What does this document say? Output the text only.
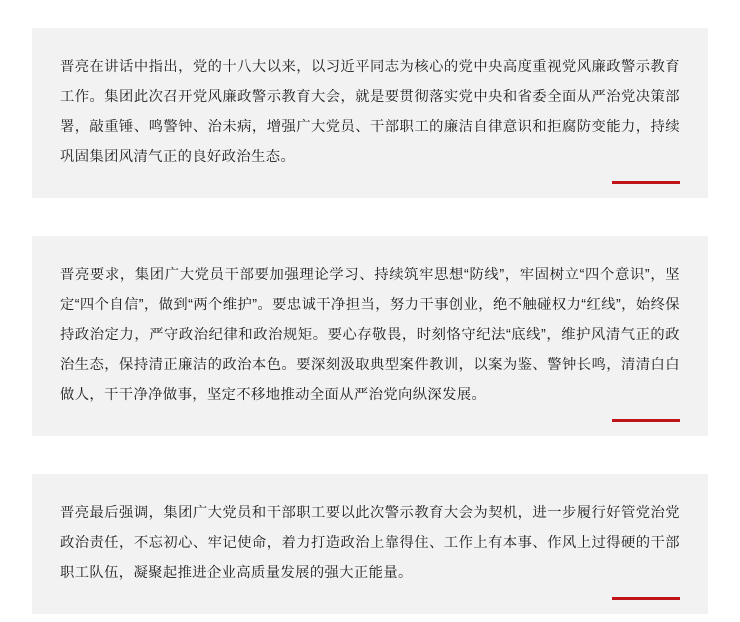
晋亮在讲话中指出，党的十八大以来，以习近平同志为核心的党中央高度重视党风廉政警示教育工作。集团此次召开党风廉政警示教育大会，就是要贯彻落实党中央和省委全面从严治党决策部署，敲重锤、鸣警钟、治未病，增强广大党员、干部职工的廉洁自律意识和拒腐防变能力，持续巩固集团风清气正的良好政治生态。

晋亮要求，集团广大党员干部要加强理论学习、持续筑牢思想“防线”，牢固树立“四个意识”，坚定“四个自信”，做到“两个维护”。要忠诚干净担当，努力干事创业，绝不触碰权力“红线”，始终保持政治定力，严守政治纪律和政治规矩。要心存敬畏，时刻恪守纪法“底线”，维护风清气正的政治生态，保持清正廉洁的政治本色。要深刻汲取典型案件教训，以案为鉴、警钟长鸣，清清白白做人，干干净净做事，坚定不移地推动全面从严治党向纵深发展。

晋亮最后强调，集团广大党员和干部职工要以此次警示教育大会为契机，进一步履行好管党治党政治责任，不忘初心、牢记使命，着力打造政治上靠得住、工作上有本事、作风上过得硬的干部职工队伍，凝聚起推进企业高质量发展的强大正能量。
